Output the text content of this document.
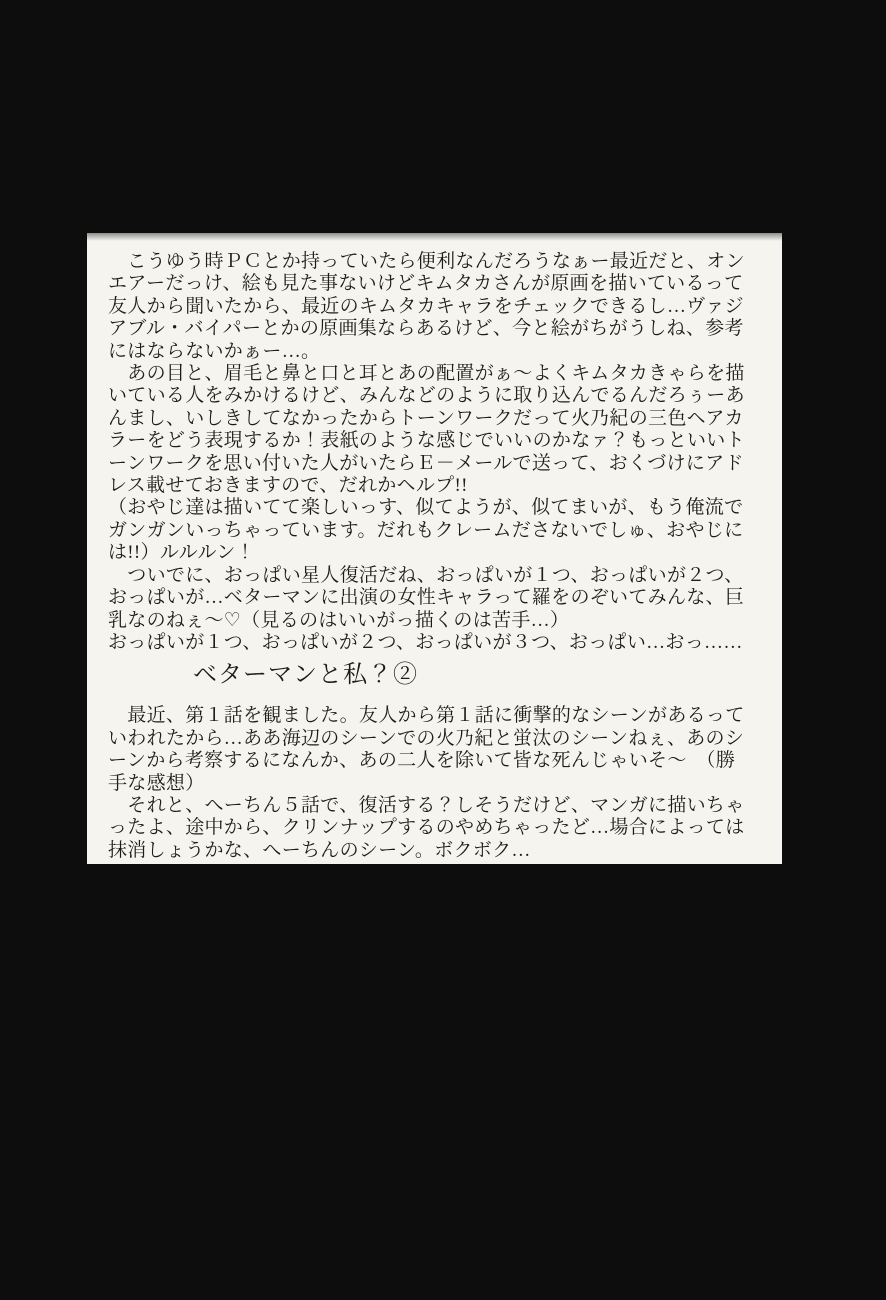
　こうゆう時ＰＣとか持っていたら便利なんだろうなぁー最近だと、オン
エアーだっけ、絵も見た事ないけどキムタカさんが原画を描いているって
友人から聞いたから、最近のキムタカキャラをチェックできるし…ヴァジ
アブル・バイパーとかの原画集ならあるけど、今と絵がちがうしね、参考
にはならないかぁー…。
　あの目と、眉毛と鼻と口と耳とあの配置がぁ～よくキムタカきゃらを描
いている人をみかけるけど、みんなどのように取り込んでるんだろぅーあ
んまし、いしきしてなかったからトーンワークだって火乃紀の三色ヘアカ
ラーをどう表現するか！表紙のような感じでいいのかなァ？もっといいト
ーンワークを思い付いた人がいたらＥ－メールで送って、おくづけにアド
レス載せておきますので、だれかヘルプ!!
（おやじ達は描いてて楽しいっす、似てようが、似てまいが、もう俺流で
ガンガンいっちゃっています。だれもクレームださないでしゅ、おやじに
は!!）ルルルン！
　ついでに、おっぱい星人復活だね、おっぱいが１つ、おっぱいが２つ、
おっぱいが…ベターマンに出演の女性キャラって羅をのぞいてみんな、巨
乳なのねぇ～♡（見るのはいいがっ描くのは苦手…）
おっぱいが１つ、おっぱいが２つ、おっぱいが３つ、おっぱい…おっ……
ベターマンと私？②
　最近、第１話を観ました。友人から第１話に衝撃的なシーンがあるって
いわれたから…ああ海辺のシーンでの火乃紀と蛍汰のシーンねぇ、あのシ
ーンから考察するになんか、あの二人を除いて皆な死んじゃいそ～　（勝
手な感想）
　それと、へーちん５話で、復活する？しそうだけど、マンガに描いちゃ
ったよ、途中から、クリンナップするのやめちゃったど…場合によっては
抹消しょうかな、へーちんのシーン。ボクボク…
